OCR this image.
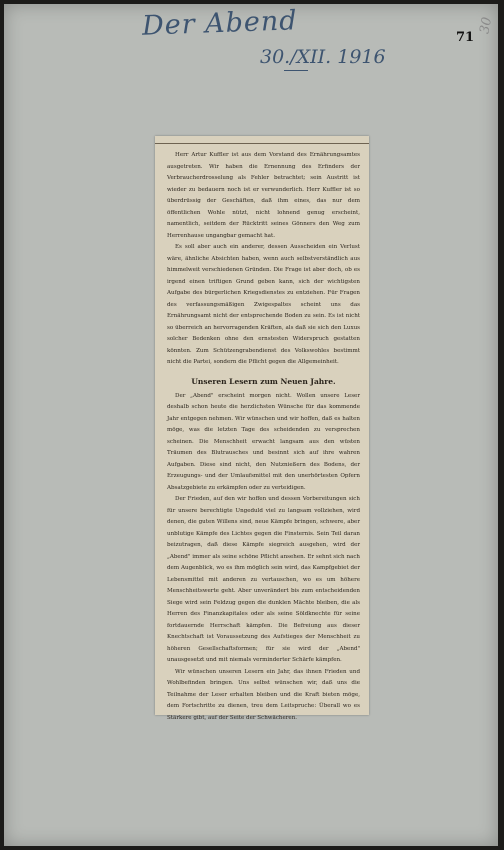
Der Abend
30./XII. 1916
71
30

Herr Artur Kuffler ist aus dem Vorstand des Ernährungsamtes ausgetreten. Wir haben die Ernennung des Erfinders der Verbraucherdrosselung als Fehler betrachtet; sein Austritt ist wieder zu bedauern noch ist er verwunderlich. Herr Kuffler ist so überdrüssig der Geschäften, daß ihm eines, das nur dem öffentlichen Wohle nützt, nicht lohnend genug erscheint, namentlich, seitdem der Rücktritt seines Gönners den Weg zum Herrenhause ungangbar gemacht hat.

Es soll aber auch ein anderer, dessen Ausscheiden ein Verlust wäre, ähnliche Absichten haben, wenn auch selbstverständlich aus himmelweit verschiedenen Gründen. Die Frage ist aber doch, ob es irgend einen triftigen Grund geben kann, sich der wichtigsten Aufgabe des bürgerlichen Kriegsdienstes zu entziehen. Für Fragen des verfassungsmäßigen Zwigespaltes scheint uns das Ernährungsamt nicht der entsprechende Boden zu sein. Es ist nicht so überreich an hervorragenden Kräften, als daß sie sich den Luxus solcher Bedenken ohne den ernstesten Widerspruch gestatten könnten. Zum Schützengrabendienst des Volkswohles bestimmt nicht die Partei, sondern die Pflicht gegen die Allgemeinheit.

Unseren Lesern zum Neuen Jahre.

Der „Abend" erscheint morgen nicht. Wollen unsere Leser deshalb schon heute die herzlichsten Wünsche für das kommende Jahr entgegen nehmen. Wir wünschen und wir hoffen, daß es halten möge, was die letzten Tage des scheidenden zu versprechen scheinen. Die Menschheit erwacht langsam aus den wüsten Träumen des Blutrausches und besinnt sich auf ihre wahren Aufgaben. Diese sind nicht, den Nutznießern des Bodens, der Erzeugungs- und der Umlaufsmittel mit den unerhörtesten Opfern Absatzgebiete zu erkämpfen oder zu verteidigen.

Der Frieden, auf den wir hoffen und dessen Vorbereitungen sich für unsere berechtigte Ungeduld viel zu langsam vollziehen, wird denen, die guten Willens sind, neue Kämpfe bringen, schwere, aber unblutige Kämpfe des Lichtes gegen die Finsternis. Sein Teil daran beizutragen, daß diese Kämpfe siegreich ausgehen, wird der „Abend" immer als seine schöne Pflicht ansehen. Er sehnt sich nach dem Augenblick, wo es ihm möglich sein wird, das Kampfgebiet der Lebensmittel mit anderen zu vertauschen, wo es um höhere Menschheitswerte geht. Aber unverändert bis zum entscheidenden Siege wird sein Feldzug gegen die dunklen Mächte bleiben, die als Herren des Finanzkapitales oder als seine Söldknechte für seine fortdauernde Herrschaft kämpfen. Die Befreiung aus dieser Knechtschaft ist Voraussetzung des Aufstieges der Menschheit zu höheren Gesellschaftsformen; für sie wird der „Abend" unausgesetzt und mit niemals verminderter Schärfe kämpfen.

Wir wünschen unseren Lesern ein Jahr, das ihnen Frieden und Wohlbefinden bringen. Uns selbst wünschen wir, daß uns die Teilnahme der Leser erhalten bleiben und die Kraft bieten möge, dem Fortschritte zu dienen, treu dem Leitspruche: Überall wo es Stärkere gibt, auf der Seite der Schwächeren.
